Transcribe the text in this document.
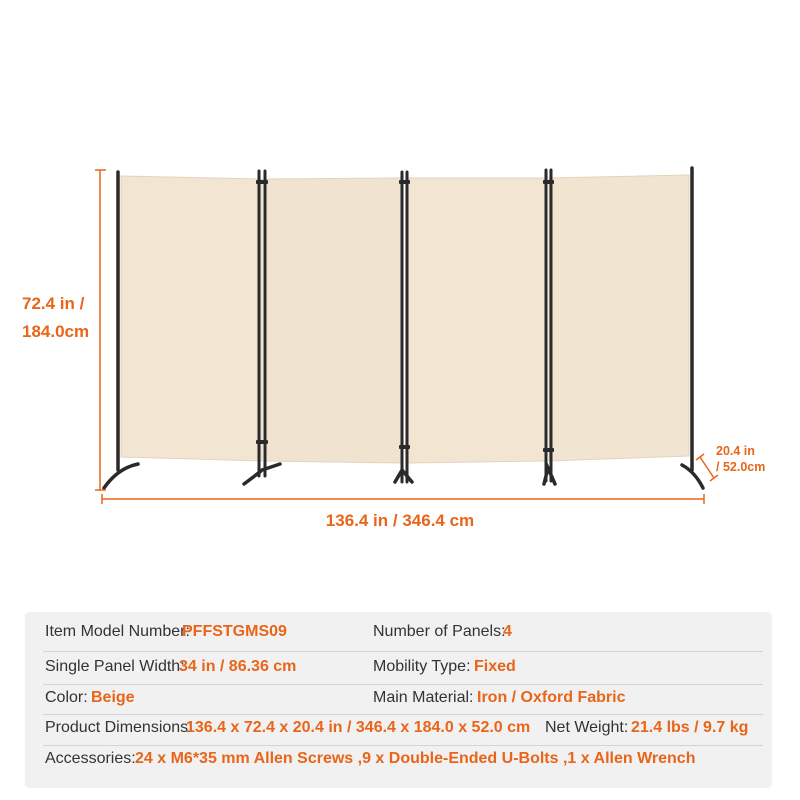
72.4 in /
184.0cm
136.4 in / 346.4 cm
20.4 in
/ 52.0cm
Item Model Number:
PFFSTGMS09	Number of Panels:
4
Single Panel Width:
34 in / 86.36 cm	Mobility Type: Fixed
Color: Beige	Main Material: Iron / Oxford Fabric
Product Dimensions:
136.4 x 72.4 x 20.4 in / 346.4 x 184.0 x 52.0 cm Net Weight: 21.4 lbs / 9.7 kg
Accessories: 24 x M6*35 mm Allen Screws ,9 x Double-Ended U-Bolts ,1 x Allen Wrench
